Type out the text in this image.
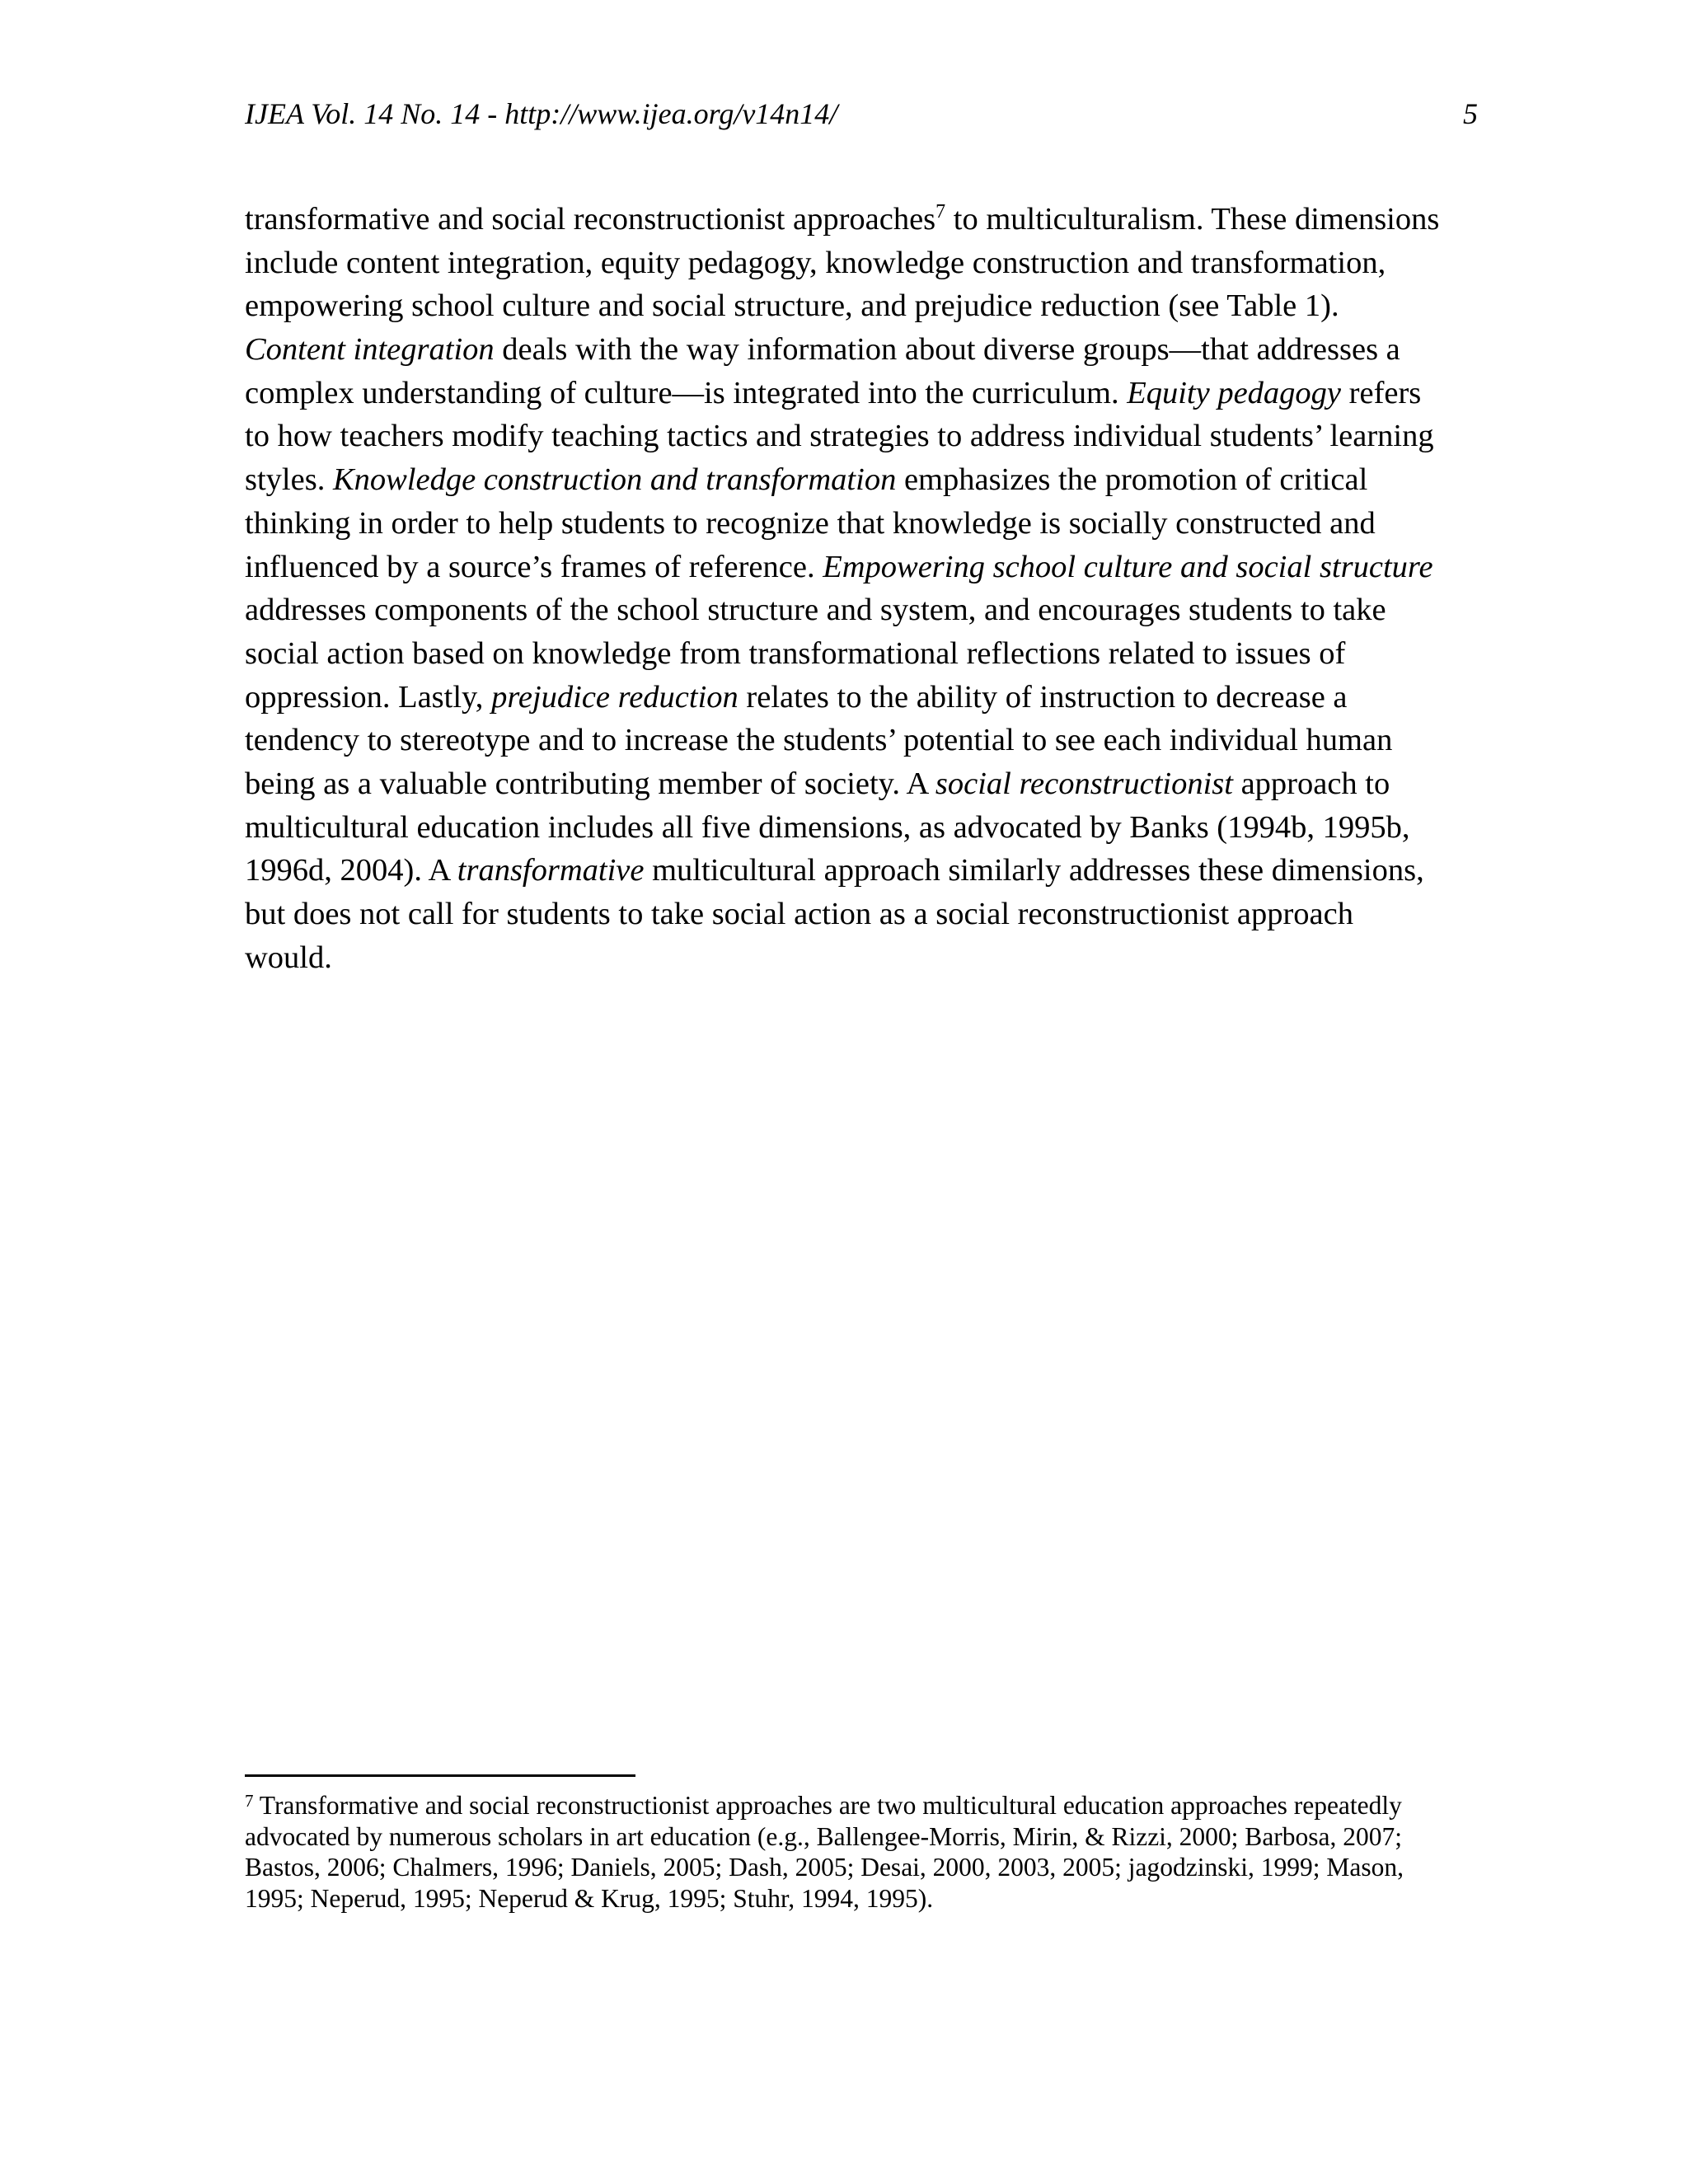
IJEA Vol. 14 No. 14 - http://www.ijea.org/v14n14/	5
transformative and social reconstructionist approaches$^7$ to multiculturalism. These dimensions
include content integration, equity pedagogy, knowledge construction and transformation,
empowering school culture and social structure, and prejudice reduction (see Table 1).
Content integration deals with the way information about diverse groups—that addresses a
complex understanding of culture—is integrated into the curriculum. Equity pedagogy refers
to how teachers modify teaching tactics and strategies to address individual students’ learning
styles. Knowledge construction and transformation emphasizes the promotion of critical
thinking in order to help students to recognize that knowledge is socially constructed and
influenced by a source’s frames of reference. Empowering school culture and social structure
addresses components of the school structure and system, and encourages students to take
social action based on knowledge from transformational reflections related to issues of
oppression. Lastly, prejudice reduction relates to the ability of instruction to decrease a
tendency to stereotype and to increase the students’ potential to see each individual human
being as a valuable contributing member of society. A social reconstructionist approach to
multicultural education includes all five dimensions, as advocated by Banks (1994b, 1995b,
1996d, 2004). A transformative multicultural approach similarly addresses these dimensions,
but does not call for students to take social action as a social reconstructionist approach
would.
$^7$ Transformative and social reconstructionist approaches are two multicultural education approaches repeatedly
advocated by numerous scholars in art education (e.g., Ballengee-Morris, Mirin, & Rizzi, 2000; Barbosa, 2007;
Bastos, 2006; Chalmers, 1996; Daniels, 2005; Dash, 2005; Desai, 2000, 2003, 2005; jagodzinski, 1999; Mason,
1995; Neperud, 1995; Neperud & Krug, 1995; Stuhr, 1994, 1995).
